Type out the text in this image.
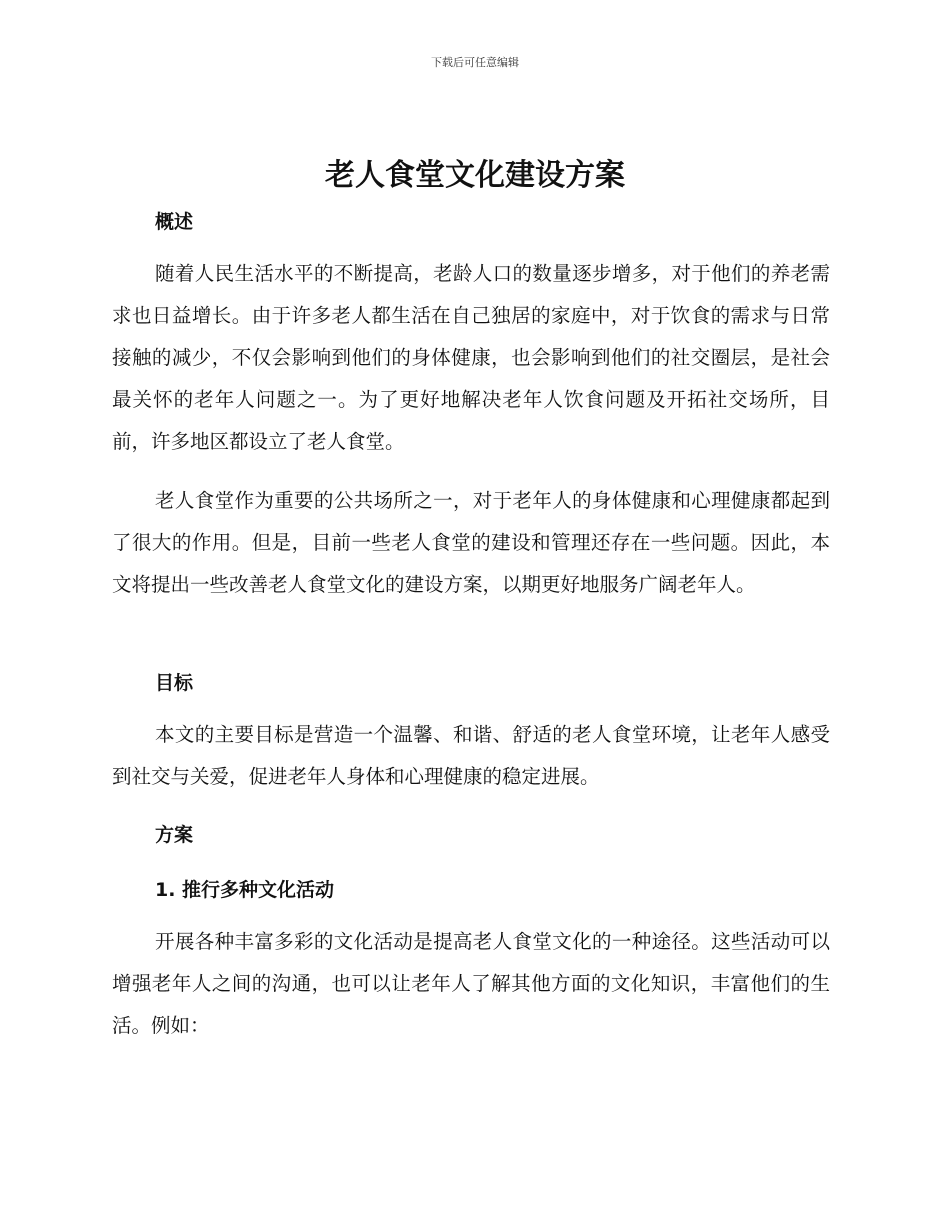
下载后可任意编辑
老人食堂文化建设方案
概述

随着人民生活水平的不断提高，老龄人口的数量逐步增多，对于他们的养老需求也日益增长。由于许多老人都生活在自己独居的家庭中，对于饮食的需求与日常接触的减少，不仅会影响到他们的身体健康，也会影响到他们的社交圈层，是社会最关怀的老年人问题之一。为了更好地解决老年人饮食问题及开拓社交场所，目前，许多地区都设立了老人食堂。

老人食堂作为重要的公共场所之一，对于老年人的身体健康和心理健康都起到了很大的作用。但是，目前一些老人食堂的建设和管理还存在一些问题。因此，本文将提出一些改善老人食堂文化的建设方案，以期更好地服务广阔老年人。

目标

本文的主要目标是营造一个温馨、和谐、舒适的老人食堂环境，让老年人感受到社交与关爱，促进老年人身体和心理健康的稳定进展。

方案
1. 推行多种文化活动

开展各种丰富多彩的文化活动是提高老人食堂文化的一种途径。这些活动可以增强老年人之间的沟通，也可以让老年人了解其他方面的文化知识，丰富他们的生活。例如：
